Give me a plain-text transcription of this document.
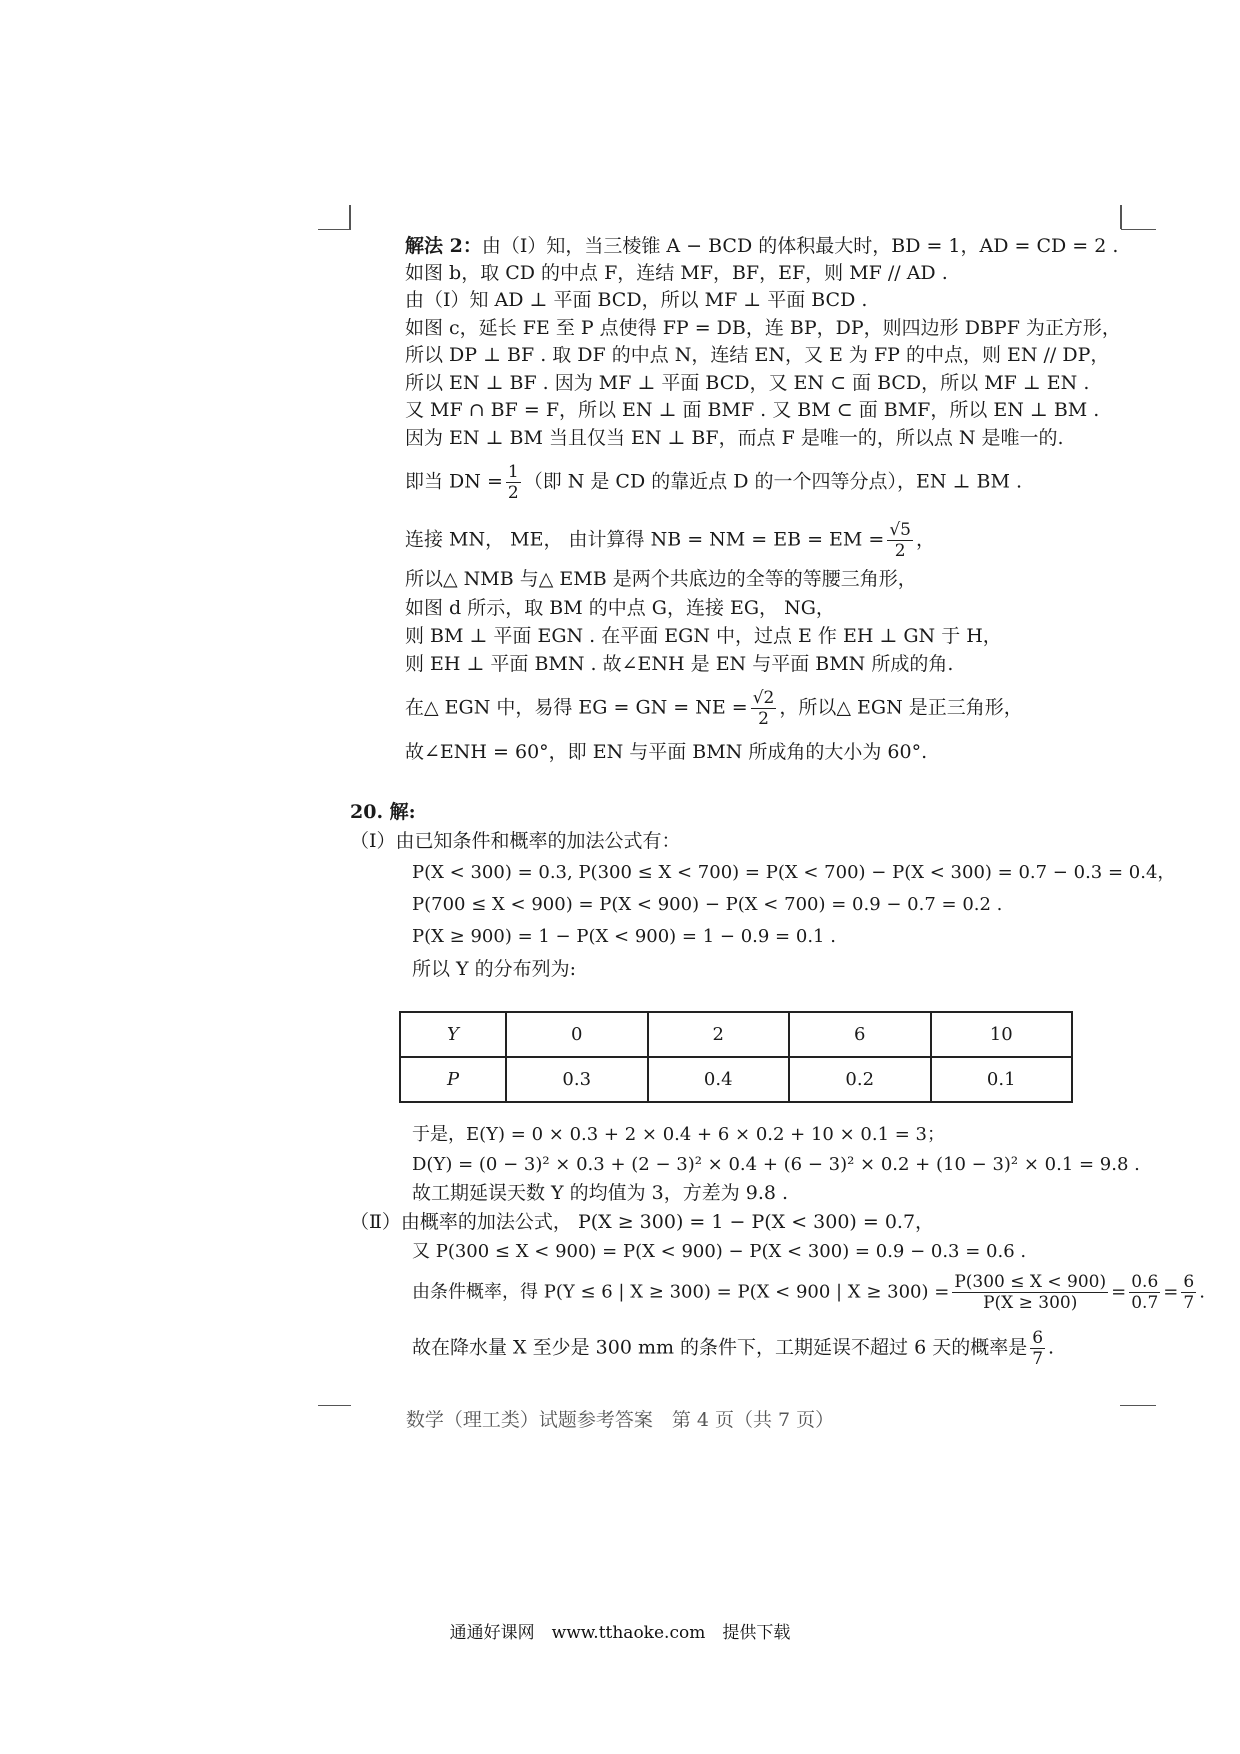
解法 2：由（Ⅰ）知，当三棱锥 A − BCD 的体积最大时，BD = 1，AD = CD = 2 .
如图 b，取 CD 的中点 F，连结 MF，BF，EF，则 MF // AD .
由（Ⅰ）知 AD ⊥ 平面 BCD，所以 MF ⊥ 平面 BCD .
如图 c，延长 FE 至 P 点使得 FP = DB，连 BP，DP，则四边形 DBPF 为正方形，
所以 DP ⊥ BF . 取 DF 的中点 N，连结 EN，又 E 为 FP 的中点，则 EN // DP，
所以 EN ⊥ BF . 因为 MF ⊥ 平面 BCD，又 EN ⊂ 面 BCD，所以 MF ⊥ EN .
又 MF ∩ BF = F，所以 EN ⊥ 面 BMF . 又 BM ⊂ 面 BMF，所以 EN ⊥ BM .
因为 EN ⊥ BM 当且仅当 EN ⊥ BF，而点 F 是唯一的，所以点 N 是唯一的.
即当 DN = $\frac{1}{2}$ （即 N 是 CD 的靠近点 D 的一个四等分点），EN ⊥ BM .
连接 MN， ME， 由计算得 NB = NM = EB = EM = $\frac{√5}{2}$ ，
所以△ NMB 与△ EMB 是两个共底边的全等的等腰三角形，
如图 d 所示，取 BM 的中点 G，连接 EG， NG，
则 BM ⊥ 平面 EGN . 在平面 EGN 中，过点 E 作 EH ⊥ GN 于 H，
则 EH ⊥ 平面 BMN . 故∠ENH 是 EN 与平面 BMN 所成的角.
在△ EGN 中，易得 EG = GN = NE = $\frac{√2}{2}$ ，所以△ EGN 是正三角形，
故∠ENH = 60°，即 EN 与平面 BMN 所成角的大小为 60°.
20. 解:
（Ⅰ）由已知条件和概率的加法公式有：
P(X < 300) = 0.3, P(300 ≤ X < 700) = P(X < 700) − P(X < 300) = 0.7 − 0.3 = 0.4，
P(700 ≤ X < 900) = P(X < 900) − P(X < 700) = 0.9 − 0.7 = 0.2 .
P(X ≥ 900) = 1 − P(X < 900) = 1 − 0.9 = 0.1 .
所以 Y 的分布列为:
Y	0	2	6	10
P	0.3	0.4	0.2	0.1
于是，E(Y) = 0 × 0.3 + 2 × 0.4 + 6 × 0.2 + 10 × 0.1 = 3；
D(Y) = (0 − 3)² × 0.3 + (2 − 3)² × 0.4 + (6 − 3)² × 0.2 + (10 − 3)² × 0.1 = 9.8 .
故工期延误天数 Y 的均值为 3，方差为 9.8 .
（Ⅱ）由概率的加法公式， P(X ≥ 300) = 1 − P(X < 300) = 0.7，
又 P(300 ≤ X < 900) = P(X < 900) − P(X < 300) = 0.9 − 0.3 = 0.6 .
由条件概率，得 P(Y ≤ 6 | X ≥ 300) = P(X < 900 | $X \ge 300) = \frac{P(300 \le X < 900)}{P(X \ge 300)} = \frac{0.6}{0.7} = \frac{6}{7}$ .
故在降水量 X 至少是 300 mm 的条件下，工期延误不超过 6 天的概率是 $\frac{6}{7}$ .
数学（理工类）试题参考答案　第 4 页（共 7 页）
通通好课网　www.tthaoke.com　提供下载
